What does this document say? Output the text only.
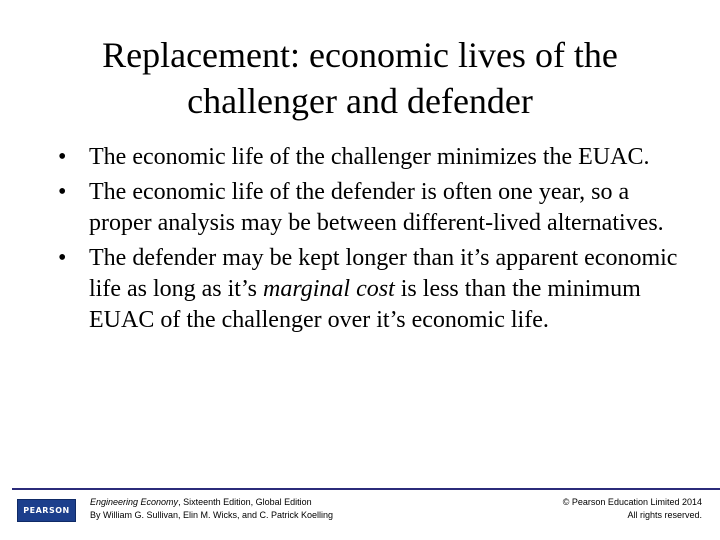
Replacement: economic lives of the
challenger and defender
• The economic life of the challenger minimizes the EUAC.
• The economic life of the defender is often one year, so a proper analysis may be between different-lived alternatives.
• The defender may be kept longer than it’s apparent economic life as long as it’s marginal cost is less than the minimum EUAC of the challenger over it’s economic life.
PEARSON
Engineering Economy, Sixteenth Edition, Global Edition
By William G. Sullivan, Elin M. Wicks, and C. Patrick Koelling
© Pearson Education Limited 2014
All rights reserved.
